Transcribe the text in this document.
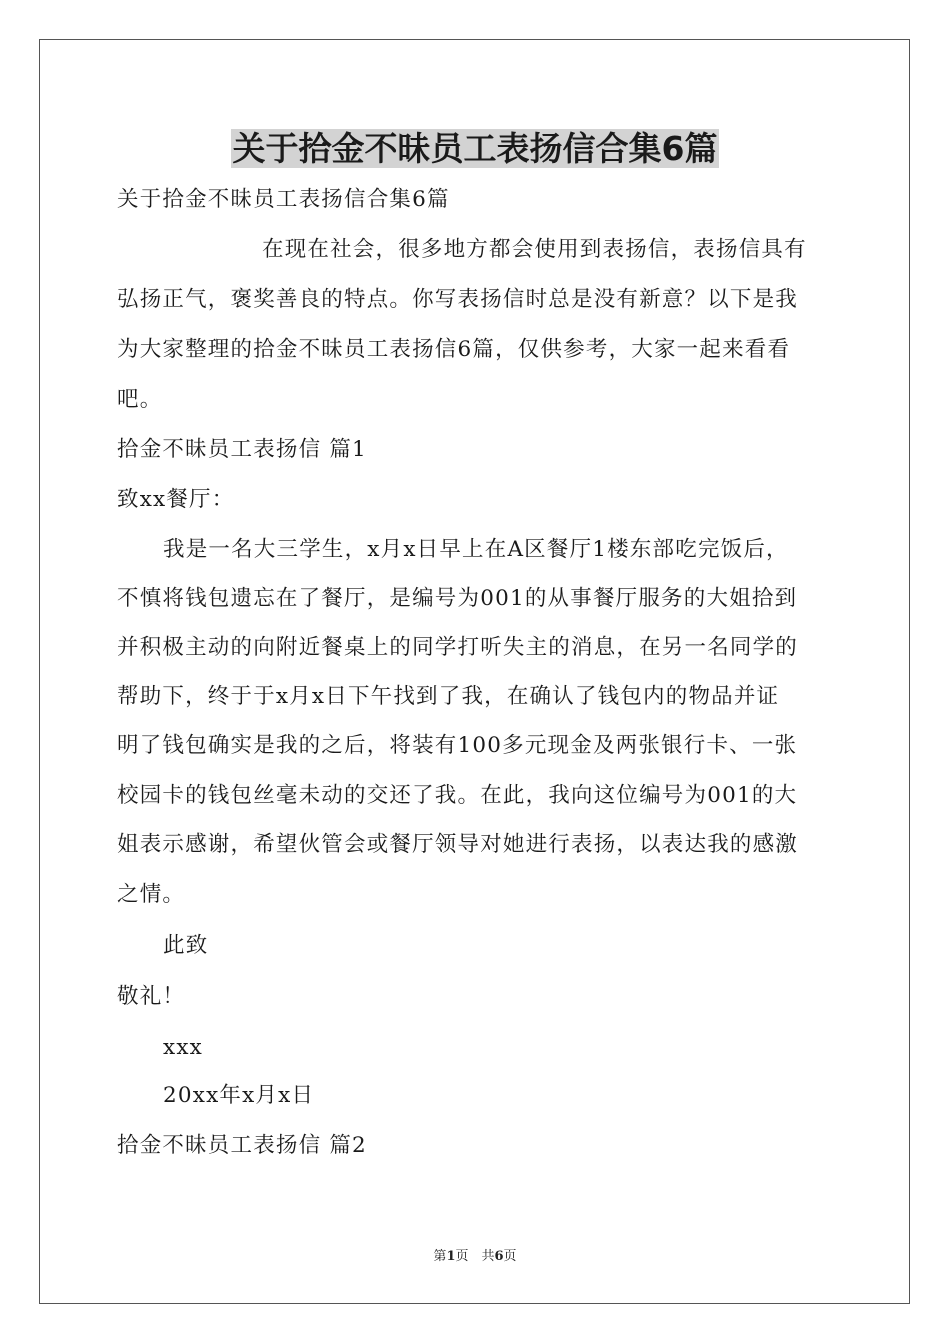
关于拾金不昧员工表扬信合集6篇
关于拾金不昧员工表扬信合集6篇
在现在社会，很多地方都会使用到表扬信，表扬信具有
弘扬正气，褒奖善良的特点。你写表扬信时总是没有新意？以下是我
为大家整理的拾金不昧员工表扬信6篇，仅供参考，大家一起来看看
吧。
拾金不昧员工表扬信 篇1
致xx餐厅：
我是一名大三学生，x月x日早上在A区餐厅1楼东部吃完饭后，
不慎将钱包遗忘在了餐厅，是编号为001的从事餐厅服务的大姐拾到
并积极主动的向附近餐桌上的同学打听失主的消息，在另一名同学的
帮助下，终于于x月x日下午找到了我，在确认了钱包内的物品并证
明了钱包确实是我的之后，将装有100多元现金及两张银行卡、一张
校园卡的钱包丝毫未动的交还了我。在此，我向这位编号为001的大
姐表示感谢，希望伙管会或餐厅领导对她进行表扬，以表达我的感激
之情。
此致
敬礼！
xxx
20xx年x月x日
拾金不昧员工表扬信 篇2
第1页　共6页
